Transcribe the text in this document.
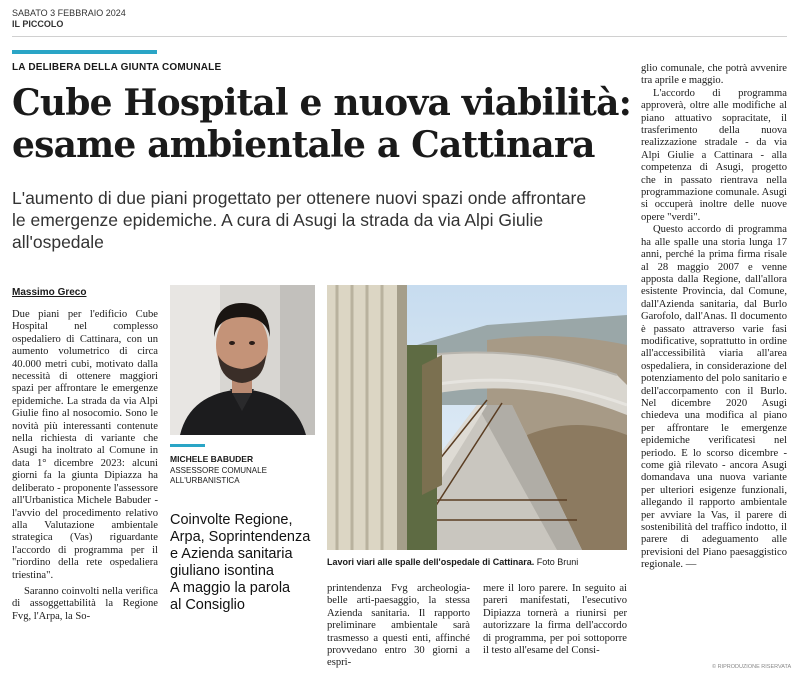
SABATO 3 FEBBRAIO 2024
IL PICCOLO
LA DELIBERA DELLA GIUNTA COMUNALE
Cube Hospital e nuova viabilità:
esame ambientale a Cattinara
L'aumento di due piani progettato per ottenere nuovi spazi onde affrontare
le emergenze epidemiche. A cura di Asugi la strada da via Alpi Giulie all'ospedale
Massimo Greco

Due piani per l'edificio Cube Hospital nel complesso ospedaliero di Cattinara, con un aumento volumetrico di circa 40.000 metri cubi, motivato dalla necessità di ottenere maggiori spazi per affrontare le emergenze epidemiche. La strada da via Alpi Giulie fino al nosocomio. Sono le novità più interessanti contenute nella richiesta di variante che Asugi ha inoltrato al Comune in data 1° dicembre 2023: alcuni giorni fa la giunta Dipiazza ha deliberato - proponente l'assessore all'Urbanistica Michele Babuder - l'avvio del procedimento relativo alla Valutazione ambientale strategica (Vas) riguardante l'accordo di programma per il "riordino della rete ospedaliera triestina".

Saranno coinvolti nella verifica di assoggettabilità la Regione Fvg, l'Arpa, la So-

MICHELE BABUDER
ASSESSORE COMUNALE
ALL'URBANISTICA
Coinvolte Regione,
Arpa, Soprintendenza
e Azienda sanitaria
giuliano isontina
A maggio la parola
al Consiglio
Lavori viari alle spalle dell'ospedale di Cattinara. Foto Bruni

printendenza Fvg archeologia-belle arti-paesaggio, la stessa Azienda sanitaria. Il rapporto preliminare ambientale sarà trasmesso a questi enti, affinché provvedano entro 30 giorni a espri-

mere il loro parere. In seguito ai pareri manifestati, l'esecutivo Dipiazza tornerà a riunirsi per autorizzare la firma dell'accordo di programma, per poi sottoporre il testo all'esame del Consi-

glio comunale, che potrà avvenire tra aprile e maggio.

L'accordo di programma approverà, oltre alle modifiche al piano attuativo sopracitate, il trasferimento della nuova realizzazione stradale - da via Alpi Giulie a Cattinara - alla competenza di Asugi, progetto che in passato rientrava nella programmazione comunale. Asugi si occuperà inoltre delle nuove opere "verdi".

Questo accordo di programma ha alle spalle una storia lunga 17 anni, perché la prima firma risale al 28 maggio 2007 e venne apposta dalla Regione, dall'allora esistente Provincia, dal Comune, dall'Azienda sanitaria, dal Burlo Garofolo, dall'Anas. Il documento è passato attraverso varie fasi modificative, soprattutto in ordine all'accessibilità viaria all'area ospedaliera, in considerazione del potenziamento del polo sanitario e dell'accorpamento con il Burlo. Nel dicembre 2020 Asugi chiedeva una modifica al piano per affrontare le emergenze epidemiche verificatesi nel periodo. E lo scorso dicembre - come già rilevato - ancora Asugi domandava una nuova variante per ulteriori esigenze funzionali, allegando il rapporto ambientale per avviare la Vas, il parere di sostenibilità del traffico indotto, il parere di adeguamento alle previsioni del Piano paesaggistico regionale. —

© RIPRODUZIONE RISERVATA
